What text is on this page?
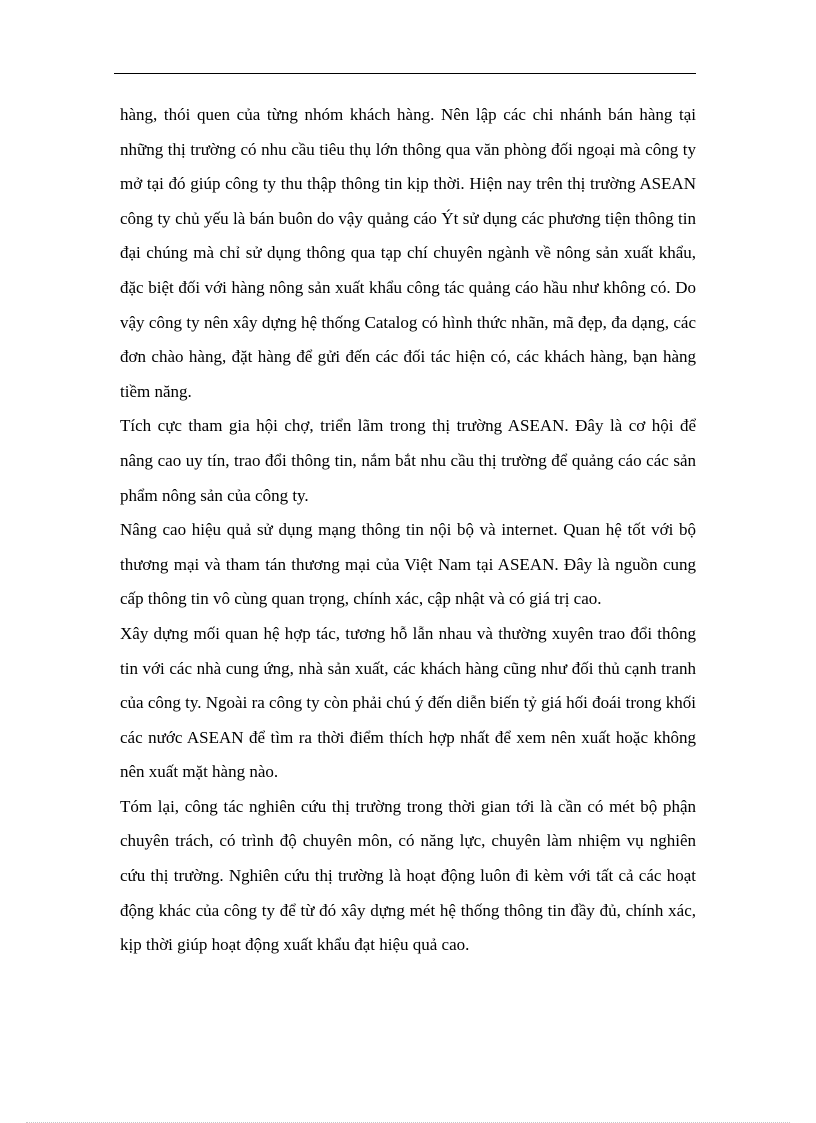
hàng, thói quen của từng nhóm khách hàng. Nên lập các chi nhánh bán hàng tại những thị trường có nhu cầu tiêu thụ lớn thông qua văn phòng đối ngoại mà công ty mở tại đó giúp công ty thu thập thông tin kịp thời. Hiện nay trên thị trường ASEAN công ty chủ yếu là bán buôn do vậy quảng cáo Ýt sử dụng các phương tiện thông tin đại chúng mà chỉ sử dụng thông qua tạp chí chuyên ngành về nông sản xuất khẩu, đặc biệt đối với hàng nông sản xuất khẩu công tác quảng cáo hầu như không có. Do vậy công ty nên xây dựng hệ thống Catalog có hình thức nhãn, mã đẹp, đa dạng, các đơn chào hàng, đặt hàng để gửi đến các đối tác hiện có, các khách hàng, bạn hàng tiềm năng.

Tích cực tham gia hội chợ, triển lãm trong thị trường ASEAN. Đây là cơ hội để nâng cao uy tín, trao đổi thông tin, nắm bắt nhu cầu thị trường để quảng cáo các sản phẩm nông sản của công ty.

Nâng cao hiệu quả sử dụng mạng thông tin nội bộ và internet. Quan hệ tốt với bộ thương mại và tham tán thương mại của Việt Nam tại ASEAN. Đây là nguồn cung cấp thông tin vô cùng quan trọng, chính xác, cập nhật và có giá trị cao.

Xây dựng mối quan hệ hợp tác, tương hỗ lẫn nhau và thường xuyên trao đổi thông tin với các nhà cung ứng, nhà sản xuất, các khách hàng cũng như đối thủ cạnh tranh của công ty. Ngoài ra công ty còn phải chú ý đến diễn biến tỷ giá hối đoái trong khối các nước ASEAN để tìm ra thời điểm thích hợp nhất để xem nên xuất hoặc không nên xuất mặt hàng nào.

Tóm lại, công tác nghiên cứu thị trường trong thời gian tới là cần có mét bộ phận chuyên trách, có trình độ chuyên môn, có năng lực, chuyên làm nhiệm vụ nghiên cứu thị trường. Nghiên cứu thị trường là hoạt động luôn đi kèm với tất cả các hoạt động khác của công ty để từ đó xây dựng mét hệ thống thông tin đầy đủ, chính xác, kịp thời giúp hoạt động xuất khẩu đạt hiệu quả cao.
